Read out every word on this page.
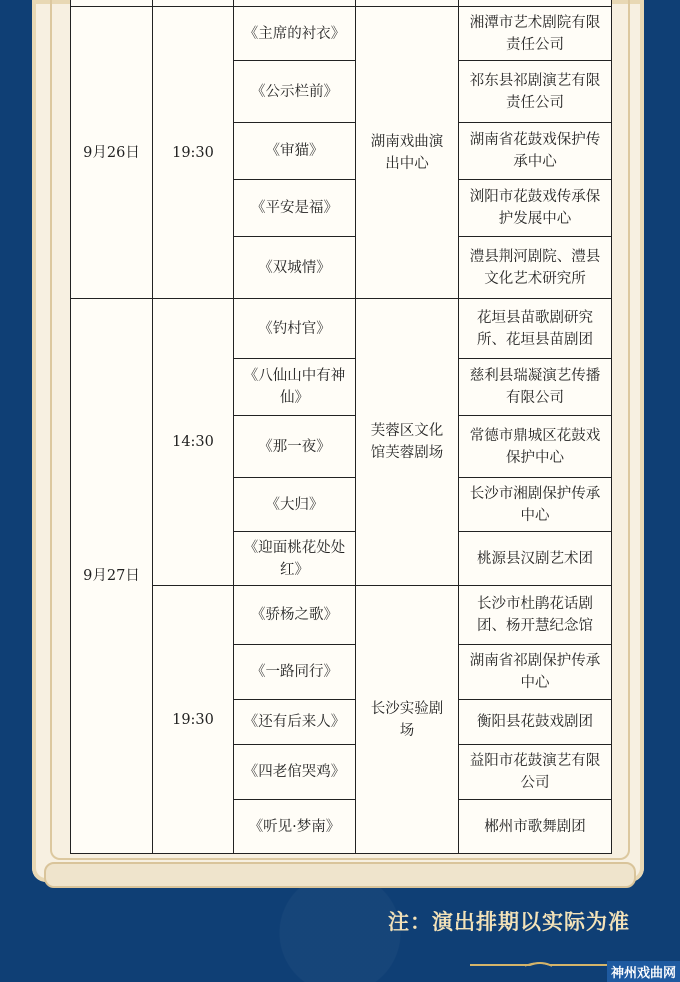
9月26日	19:30	《主席的衬衣》	湖南戏曲演出中心	湘潭市艺术剧院有限责任公司
		《公示栏前》		祁东县祁剧演艺有限责任公司
		《审猫》		湖南省花鼓戏保护传承中心
		《平安是福》		浏阳市花鼓戏传承保护发展中心
		《双城情》		澧县荆河剧院、澧县文化艺术研究所
9月27日	14:30	《钓村官》	芙蓉区文化馆芙蓉剧场	花垣县苗歌剧研究所、花垣县苗剧团
		《八仙山中有神仙》		慈利县瑞凝演艺传播有限公司
		《那一夜》		常德市鼎城区花鼓戏保护中心
		《大归》		长沙市湘剧保护传承中心
		《迎面桃花处处红》		桃源县汉剧艺术团
	19:30	《骄杨之歌》	长沙实验剧场	长沙市杜鹃花话剧团、杨开慧纪念馆
		《一路同行》		湖南省祁剧保护传承中心
		《还有后来人》		衡阳县花鼓戏剧团
		《四老倌哭鸡》		益阳市花鼓演艺有限公司
		《听见·梦南》		郴州市歌舞剧团
注：演出排期以实际为准
神州戏曲网
